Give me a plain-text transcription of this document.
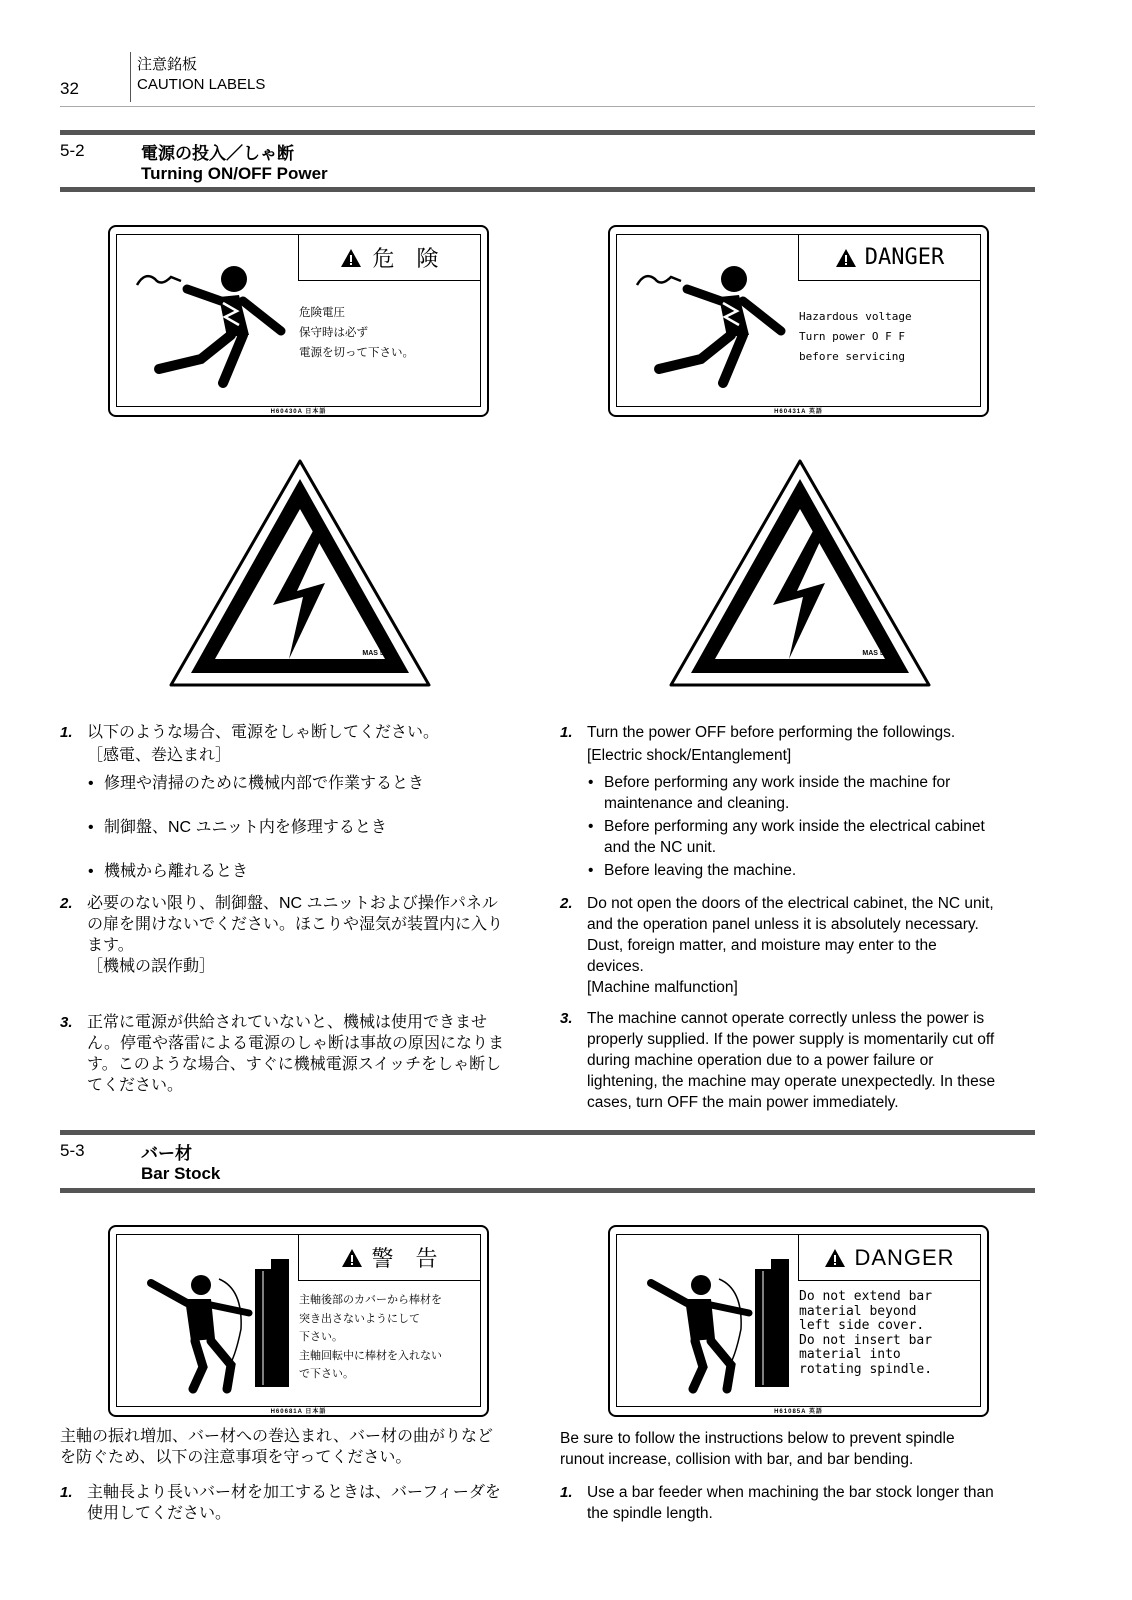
32
注意銘板
CAUTION LABELS
5-2	電源の投入／しゃ断
Turning ON/OFF Power
危　険
危険電圧
保守時は必ず
電源を切って下さい。
H60430A 日本語
DANGER
Hazardous voltage
Turn power O F F
before servicing
H60431A 英語
MAS 510	MAS 510
1. 以下のような場合、電源をしゃ断してください。
［感電、巻込まれ］
• 修理や清掃のために機械内部で作業するとき
• 制御盤、NC ユニット内を修理するとき
• 機械から離れるとき
2. 必要のない限り、制御盤、NC ユニットおよび操作パネル
の扉を開けないでください。ほこりや湿気が装置内に入り
ます。
［機械の誤作動］
3. 正常に電源が供給されていないと、機械は使用できませ
ん。停電や落雷による電源のしゃ断は事故の原因になりま
す。このような場合、すぐに機械電源スイッチをしゃ断し
てください。
1. Turn the power OFF before performing the followings.
[Electric shock/Entanglement]
• Before performing any work inside the machine for
maintenance and cleaning.
• Before performing any work inside the electrical cabinet
and the NC unit.
• Before leaving the machine.
2. Do not open the doors of the electrical cabinet, the NC unit,
and the operation panel unless it is absolutely necessary.
Dust, foreign matter, and moisture may enter to the
devices.
[Machine malfunction]
3. The machine cannot operate correctly unless the power is
properly supplied. If the power supply is momentarily cut off
during machine operation due to a power failure or
lightening, the machine may operate unexpectedly. In these
cases, turn OFF the main power immediately.
5-3	バー材
Bar Stock
警　告
主軸後部のカバーから棒材を
突き出さないようにして
下さい。
主軸回転中に棒材を入れない
で下さい。
H60681A 日本語
DANGER
Do not extend bar
material beyond
left side cover.
Do not insert bar
material into
rotating spindle.
H61085A 英語
主軸の振れ増加、バー材への巻込まれ、バー材の曲がりなど
を防ぐため、以下の注意事項を守ってください。
Be sure to follow the instructions below to prevent spindle
runout increase, collision with bar, and bar bending.
1. 主軸長より長いバー材を加工するときは、バーフィーダを
使用してください。
1. Use a bar feeder when machining the bar stock longer than
the spindle length.
